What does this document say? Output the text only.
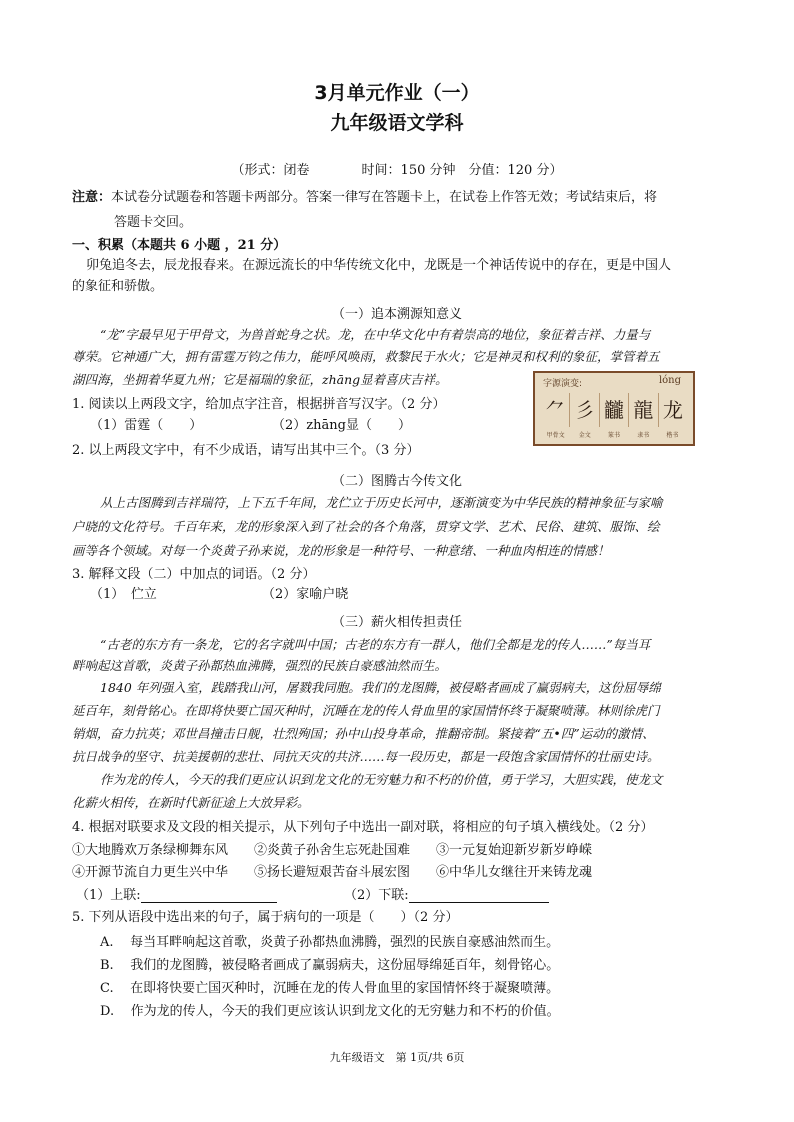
3月单元作业（一）
九年级语文学科
（形式：闭卷　　　　时间：150 分钟　分值：120 分）
注意：本试卷分试题卷和答题卡两部分。答案一律写在答题卡上，在试卷上作答无效；考试结束后，将
答题卡交回。
一、积累（本题共 6 小题 ，21 分）
卯兔追冬去，辰龙报春来。在源远流长的中华传统文化中，龙既是一个神话传说中的存在，更是中国人
的象征和骄傲。
（一）追本溯源知意义
“龙”字最早见于甲骨文，为兽首蛇身之状。龙，在中华文化中有着崇高的地位，象征着吉祥、力量与
尊荣。它神通广大，拥有雷霆万钧之伟力，能呼风唤雨，救黎民于水火；它是神灵和权利的象征，掌管着五
湖四海，坐拥着华夏九州；它是福瑞的象征，zhāng显着喜庆吉祥。	字源演变:	lóng
⺈ 彡 龖 龍 龙
甲骨文	金文	篆书	隶书	楷书
1. 阅读以上两段文字，给加点字注音，根据拼音写汉字。（2 分）
（1）雷霆（　　）	（2）zhāng显（　　）
2. 以上两段文字中，有不少成语，请写出其中三个。（3 分）
（二）图腾古今传文化
从上古图腾到吉祥瑞符，上下五千年间，龙伫立于历史长河中，逐渐演变为中华民族的精神象征与家喻
户晓的文化符号。千百年来，龙的形象深入到了社会的各个角落，贯穿文学、艺术、民俗、建筑、服饰、绘
画等各个领域。对每一个炎黄子孙来说，龙的形象是一种符号、一种意绪、一种血肉相连的情感！
3. 解释文段（二）中加点的词语。（2 分）
（1）　伫立	（2）家喻户晓
（三）薪火相传担责任
“古老的东方有一条龙，它的名字就叫中国；古老的东方有一群人，他们全都是龙的传人……”每当耳
畔响起这首歌，炎黄子孙都热血沸腾，强烈的民族自豪感油然而生。
1840 年列强入室，践踏我山河，屠戮我同胞。我们的龙图腾，被侵略者画成了赢弱病夫，这份屈辱绵
延百年，刻骨铭心。在即将快要亡国灭种时，沉睡在龙的传人骨血里的家国情怀终于凝聚喷薄。林则徐虎门
销烟，奋力抗英；邓世昌撞击日舰，壮烈殉国；孙中山投身革命，推翻帝制。紧接着“五•四”运动的激情、
抗日战争的坚守、抗美援朝的悲壮、同抗天灾的共济……每一段历史，都是一段饱含家国情怀的壮丽史诗。
作为龙的传人，今天的我们更应认识到龙文化的无穷魅力和不朽的价值，勇于学习，大胆实践，使龙文
化薪火相传，在新时代新征途上大放异彩。
4. 根据对联要求及文段的相关提示，从下列句子中选出一副对联，将相应的句子填入横线处。（2 分）
①大地腾欢万条绿柳舞东风　　②炎黄子孙舍生忘死赴国难　　③一元复始迎新岁新岁峥嵘
④开源节流自力更生兴中华　　⑤扬长避短艰苦奋斗展宏图　　⑥中华儿女继往开来铸龙魂
（1）上联:	（2）下联:
5. 下列从语段中选出来的句子，属于病句的一项是（　　）（2 分）
A. 每当耳畔响起这首歌，炎黄子孙都热血沸腾，强烈的民族自豪感油然而生。
B. 我们的龙图腾，被侵略者画成了赢弱病夫，这份屈辱绵延百年，刻骨铭心。
C. 在即将快要亡国灭种时，沉睡在龙的传人骨血里的家国情怀终于凝聚喷薄。
D. 作为龙的传人，今天的我们更应该认识到龙文化的无穷魅力和不朽的价值。
九年级语文　第 1页/共 6页
